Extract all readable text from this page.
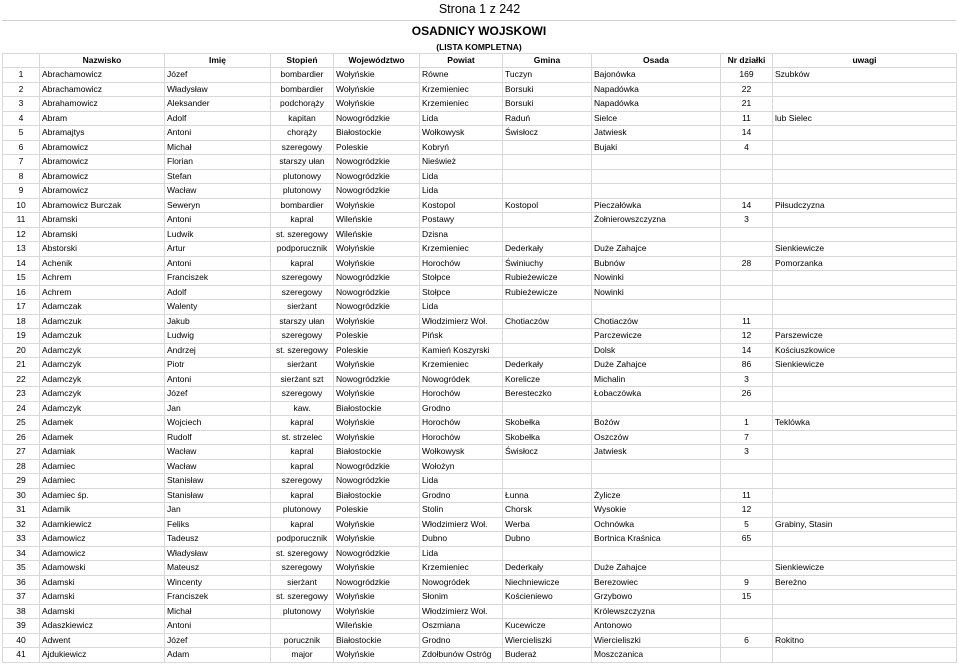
Strona 1 z 242
OSADNICY WOJSKOWI
(LISTA KOMPLETNA)
	Nazwisko	Imię	Stopień	Województwo	Powiat	Gmina	Osada	Nr działki	uwagi
1	Abrachamowicz	Józef	bombardier	Wołyńskie	Równe	Tuczyn	Bajonówka	169	Szubków
2	Abrachamowicz	Władysław	bombardier	Wołyńskie	Krzemieniec	Borsuki	Napadówka	22	
3	Abrahamowicz	Aleksander	podchorąży	Wołyńskie	Krzemieniec	Borsuki	Napadówka	21	
4	Abram	Adolf	kapitan	Nowogródzkie	Lida	Raduń	Sielce	11	lub Sielec
5	Abramajtys	Antoni	chorąży	Białostockie	Wołkowysk	Świsłocz	Jatwiesk	14	
6	Abramowicz	Michał	szeregowy	Poleskie	Kobryń		Bujaki	4	
7	Abramowicz	Florian	starszy ułan	Nowogródzkie	Nieśwież				
8	Abramowicz	Stefan	plutonowy	Nowogródzkie	Lida				
9	Abramowicz	Wacław	plutonowy	Nowogródzkie	Lida				
10	Abramowicz Burczak	Seweryn	bombardier	Wołyńskie	Kostopol	Kostopol	Pieczałówka	14	Piłsudczyzna
11	Abramski	Antoni	kapral	Wileńskie	Postawy		Żołnierowszczyzna	3	
12	Abramski	Ludwik	st. szeregowy	Wileńskie	Dzisna				
13	Abstorski	Artur	podporucznik	Wołyńskie	Krzemieniec	Dederkały	Duże Zahajce		Sienkiewicze
14	Achenik	Antoni	kapral	Wołyńskie	Horochów	Świniuchy	Bubnów	28	Pomorzanka
15	Achrem	Franciszek	szeregowy	Nowogródzkie	Stołpce	Rubieżewicze	Nowinki		
16	Achrem	Adolf	szeregowy	Nowogródzkie	Stołpce	Rubieżewicze	Nowinki		
17	Adamczak	Walenty	sierżant	Nowogródzkie	Lida				
18	Adamczuk	Jakub	starszy ułan	Wołyńskie	Włodzimierz Woł.	Chotiaczów	Chotiaczów	11	
19	Adamczuk	Ludwig	szeregowy	Poleskie	Pińsk		Parczewicze	12	Parszewicze
20	Adamczyk	Andrzej	st. szeregowy	Poleskie	Kamień Koszyrski		Dolsk	14	Kościuszkowice
21	Adamczyk	Piotr	sierżant	Wołyńskie	Krzemieniec	Dederkały	Duże Zahajce	86	Sienkiewicze
22	Adamczyk	Antoni	sierżant szt	Nowogródzkie	Nowogródek	Korelicze	Michalin	3	
23	Adamczyk	Józef	szeregowy	Wołyńskie	Horochów	Beresteczko	Łobaczówka	26	
24	Adamczyk	Jan	kaw.	Białostockie	Grodno				
25	Adamek	Wojciech	kapral	Wołyńskie	Horochów	Skobełka	Bożów	1	Teklówka
26	Adamek	Rudolf	st. strzelec	Wołyńskie	Horochów	Skobełka	Oszczów	7	
27	Adamiak	Wacław	kapral	Białostockie	Wołkowysk	Świsłocz	Jatwiesk	3	
28	Adamiec	Wacław	kapral	Nowogródzkie	Wołożyn				
29	Adamiec	Stanisław	szeregowy	Nowogródzkie	Lida				
30	Adamiec śp.	Stanisław	kapral	Białostockie	Grodno	Łunna	Żylicze	11	
31	Adamik	Jan	plutonowy	Poleskie	Stolin	Chorsk	Wysokie	12	
32	Adamkiewicz	Feliks	kapral	Wołyńskie	Włodzimierz Woł.	Werba	Ochnówka	5	Grabiny, Stasin
33	Adamowicz	Tadeusz	podporucznik	Wołyńskie	Dubno	Dubno	Bortnica Kraśnica	65	
34	Adamowicz	Władysław	st. szeregowy	Nowogródzkie	Lida				
35	Adamowski	Mateusz	szeregowy	Wołyńskie	Krzemieniec	Dederkały	Duże Zahajce		Sienkiewicze
36	Adamski	Wincenty	sierżant	Nowogródzkie	Nowogródek	Niechniewicze	Berezowiec	9	Bereżno
37	Adamski	Franciszek	st. szeregowy	Wołyńskie	Słonim	Kościeniewo	Grzybowo	15	
38	Adamski	Michał	plutonowy	Wołyńskie	Włodzimierz Woł.		Królewszczyzna		
39	Adaszkiewicz	Antoni		Wileńskie	Oszmiana	Kucewicze	Antonowo		
40	Adwent	Józef	porucznik	Białostockie	Grodno	Wiercieliszki	Wiercieliszki	6	Rokitno
41	Ajdukiewicz	Adam	major	Wołyńskie	Zdołbunów Ostróg	Buderaż	Moszczanica		
